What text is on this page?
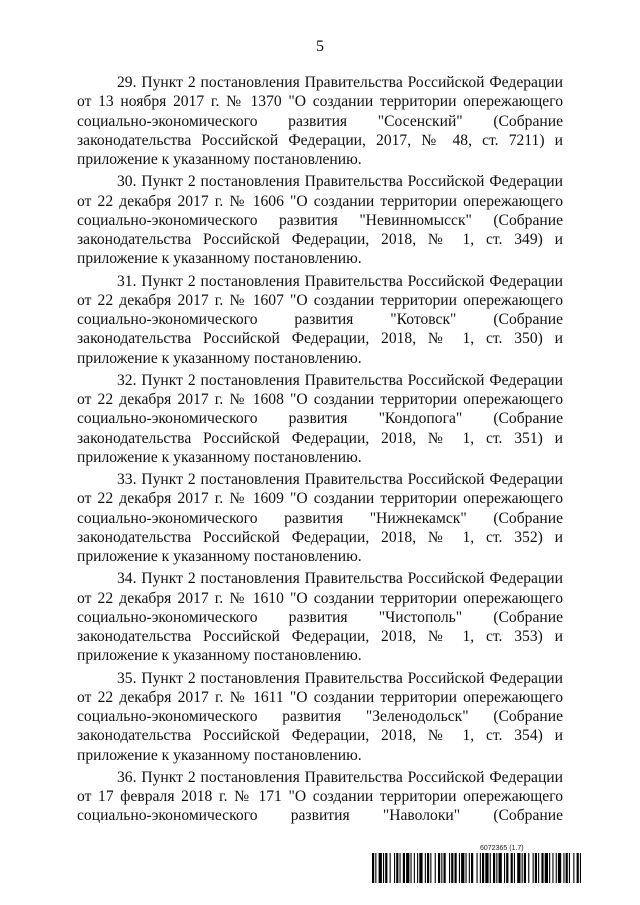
5

29. Пункт 2 постановления Правительства Российской Федерации от 13 ноября 2017 г. № 1370 "О создании территории опережающего социально-экономического развития "Сосенский" (Собрание законодательства Российской Федерации, 2017, № 48, ст. 7211) и приложение к указанному постановлению.

30. Пункт 2 постановления Правительства Российской Федерации от 22 декабря 2017 г. № 1606 "О создании территории опережающего социально-экономического развития "Невинномысск" (Собрание законодательства Российской Федерации, 2018, № 1, ст. 349) и приложение к указанному постановлению.

31. Пункт 2 постановления Правительства Российской Федерации от 22 декабря 2017 г. № 1607 "О создании территории опережающего социально-экономического развития "Котовск" (Собрание законодательства Российской Федерации, 2018, № 1, ст. 350) и приложение к указанному постановлению.

32. Пункт 2 постановления Правительства Российской Федерации от 22 декабря 2017 г. № 1608 "О создании территории опережающего социально-экономического развития "Кондопога" (Собрание законодательства Российской Федерации, 2018, № 1, ст. 351) и приложение к указанному постановлению.

33. Пункт 2 постановления Правительства Российской Федерации от 22 декабря 2017 г. № 1609 "О создании территории опережающего социально-экономического развития "Нижнекамск" (Собрание законодательства Российской Федерации, 2018, № 1, ст. 352) и приложение к указанному постановлению.

34. Пункт 2 постановления Правительства Российской Федерации от 22 декабря 2017 г. № 1610 "О создании территории опережающего социально-экономического развития "Чистополь" (Собрание законодательства Российской Федерации, 2018, № 1, ст. 353) и приложение к указанному постановлению.

35. Пункт 2 постановления Правительства Российской Федерации от 22 декабря 2017 г. № 1611 "О создании территории опережающего социально-экономического развития "Зеленодольск" (Собрание законодательства Российской Федерации, 2018, № 1, ст. 354) и приложение к указанному постановлению.

36. Пункт 2 постановления Правительства Российской Федерации от 17 февраля 2018 г. № 171 "О создании территории опережающего социально-экономического развития "Наволоки" (Собрание

6072365 (1.7)
